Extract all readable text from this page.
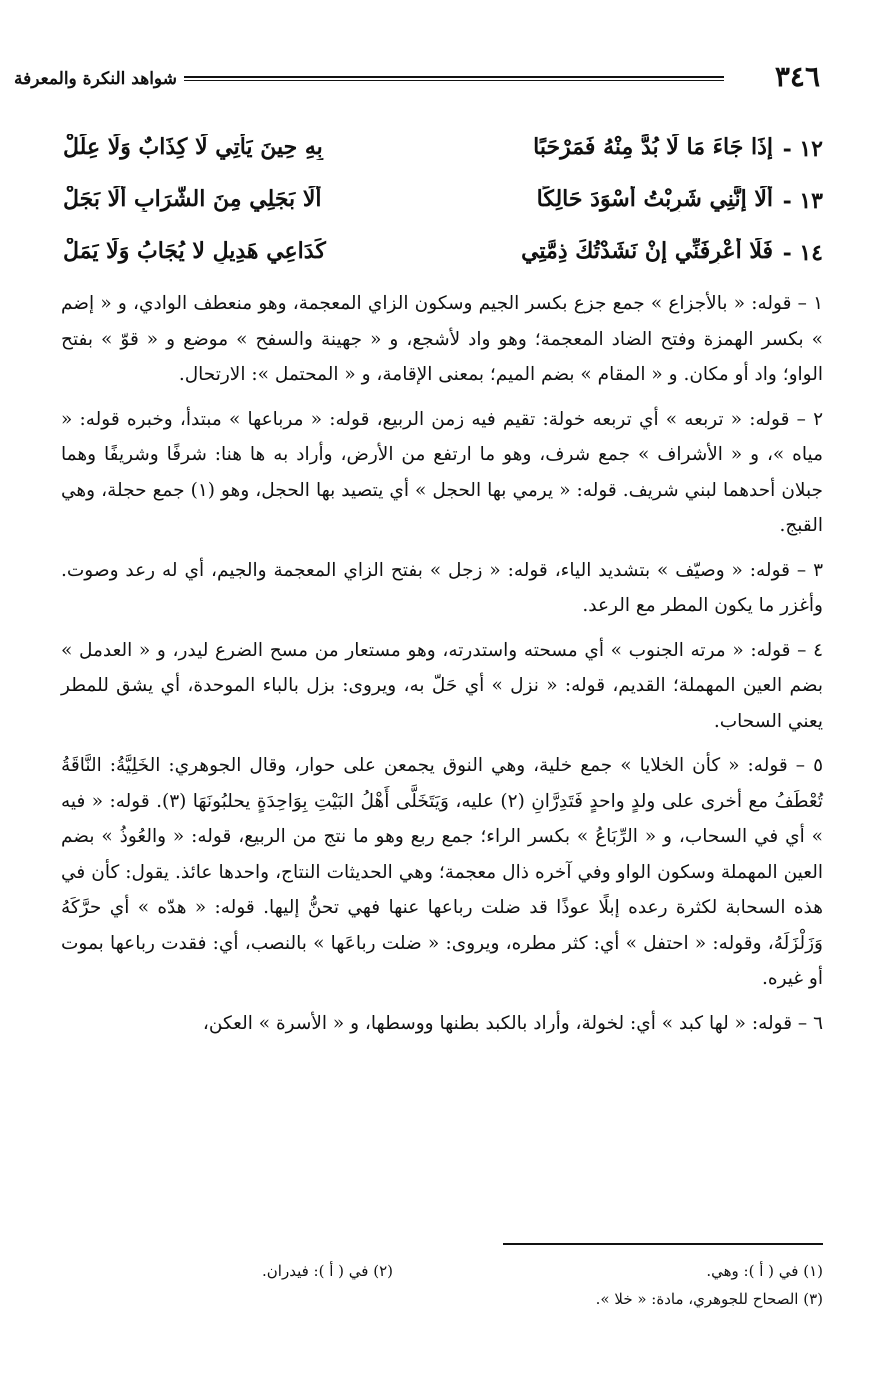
٣٤٦
شواهد النكرة والمعرفة
١٢ -
إِذَا جَاءَ مَا لَا بُدَّ مِنْهُ فَمَرْحَبًا
بِهِ حِينَ يَأْتِي لَا كِذَابٌ وَلَا عِلَلْ
١٣ -
أَلَا إِنَّنِي شَرِبْتُ أَسْوَدَ حَالِكًا
أَلَا بَجَلِي مِنَ الشَّرَابِ أَلَا بَجَلْ
١٤ -
فَلَا أَعْرِفَنِّي إِنْ نَشَدْتُكَ ذِمَّتِي
كَدَاعِي هَدِيلٍ لا يُجَابُ وَلَا يَمَلْ

١ – قوله: « بالأجزاع » جمع جزع بكسر الجيم وسكون الزاي المعجمة، وهو منعطف الوادي، و « إضم » بكسر الهمزة وفتح الضاد المعجمة؛ وهو واد لأشجع، و « جهينة والسفح » موضع و « قوّ » بفتح الواو؛ واد أو مكان. و « المقام » بضم الميم؛ بمعنى الإقامة، و « المحتمل »: الارتحال.

٢ – قوله: « تربعه » أي تربعه خولة: تقيم فيه زمن الربيع، قوله: « مرباعها » مبتدأ، وخبره قوله: « مياه »، و « الأشراف » جمع شرف، وهو ما ارتفع من الأرض، وأراد به ها هنا: شرفًا وشريفًا وهما جبلان أحدهما لبني شريف. قوله: « يرمي بها الحجل » أي يتصيد بها الحجل، وهو (١) جمع حجلة، وهي القبج.

٣ – قوله: « وصيّف » بتشديد الياء، قوله: « زجل » بفتح الزاي المعجمة والجيم، أي له رعد وصوت. وأغزر ما يكون المطر مع الرعد.

٤ – قوله: « مرته الجنوب » أي مسحته واستدرته، وهو مستعار من مسح الضرع ليدر، و « العدمل » بضم العين المهملة؛ القديم، قوله: « نزل » أي حَلّ به، ويروى: بزل بالباء الموحدة، أي يشق للمطر يعني السحاب.

٥ – قوله: « كأن الخلايا » جمع خلية، وهي النوق يجمعن على حوار، وقال الجوهري: الخَلِيَّةُ: النَّاقَةُ تُعْطَفُ مع أخرى على ولدٍ واحدٍ فَتَدِرَّانِ (٢) عليه، وَيَتَخَلَّى أَهْلُ البَيْتِ بِوَاحِدَةٍ يحلبُونَهَا (٣). قوله: « فيه » أي في السحاب، و « الرِّبَاعُ » بكسر الراء؛ جمع ربع وهو ما نتج من الربيع، قوله: « والعُوذُ » بضم العين المهملة وسكون الواو وفي آخره ذال معجمة؛ وهي الحديثات النتاج، واحدها عائذ. يقول: كأن في هذه السحابة لكثرة رعده إبلًا عوذًا قد ضلت رباعها عنها فهي تحنُّ إليها. قوله: « هدّه » أي حرَّكَهُ وَزَلْزَلَهُ، وقوله: « احتفل » أي: كثر مطره، ويروى: « ضلت رباعَها » بالنصب، أي: فقدت رباعها بموت أو غيره.

٦ – قوله: « لها كبد » أي: لخولة، وأراد بالكبد بطنها ووسطها، و « الأسرة » العكن،

(١) في ( أ ): وهي.
(٢) في ( أ ): فيدران.
(٣) الصحاح للجوهري، مادة: « خلا ».
